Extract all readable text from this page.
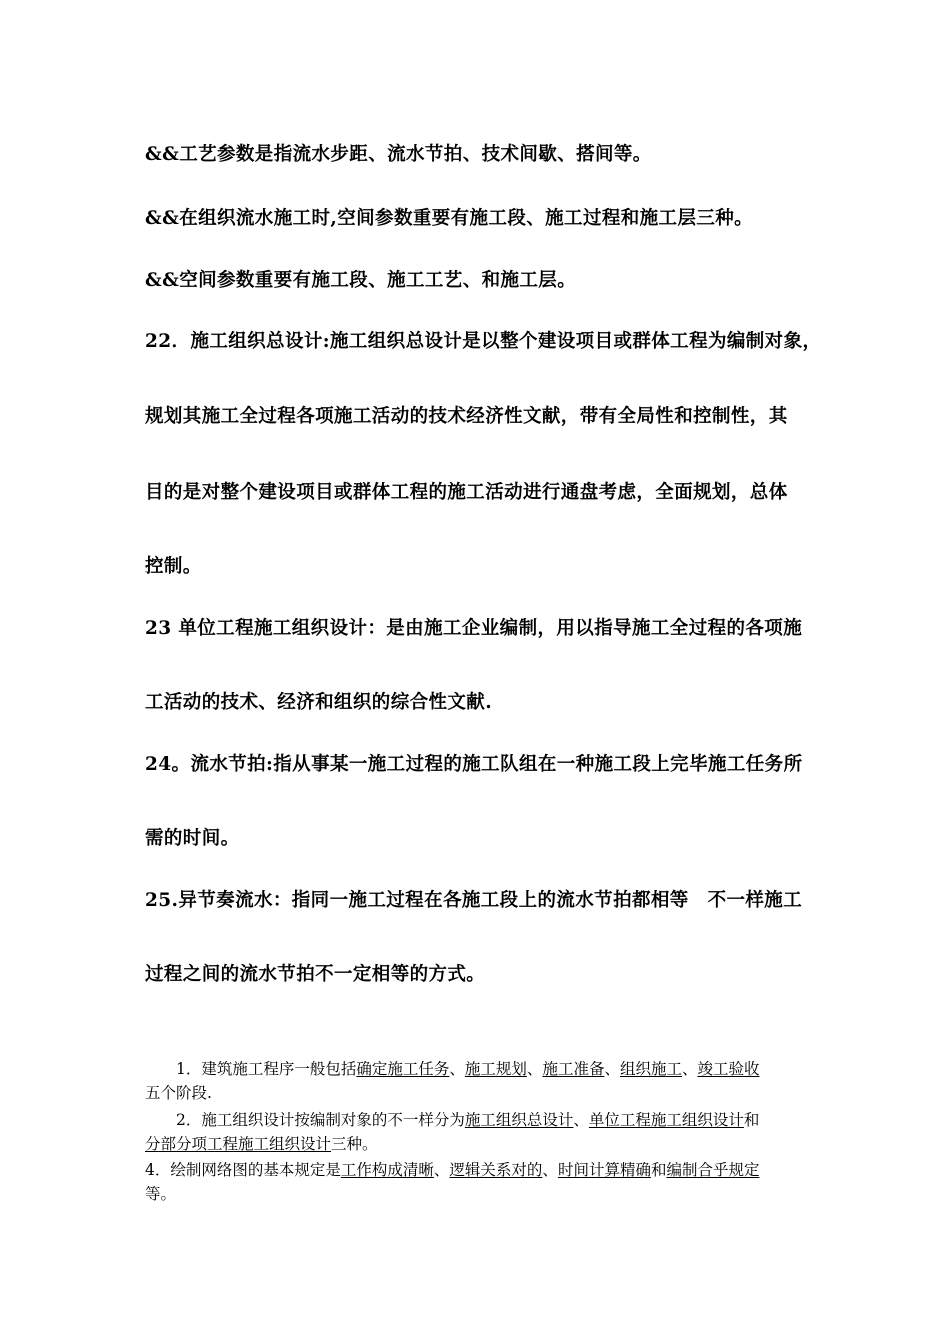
&&工艺参数是指流水步距、流水节拍、技术间歇、搭间等。
&&在组织流水施工时,空间参数重要有施工段、施工过程和施工层三种。
&&空间参数重要有施工段、施工工艺、和施工层。
22．施工组织总设计:施工组织总设计是以整个建设项目或群体工程为编制对象，
规划其施工全过程各项施工活动的技术经济性文献，带有全局性和控制性，其
目的是对整个建设项目或群体工程的施工活动进行通盘考虑，全面规划，总体
控制。
23 单位工程施工组织设计：是由施工企业编制，用以指导施工全过程的各项施
工活动的技术、经济和组织的综合性文献.
24。流水节拍:指从事某一施工过程的施工队组在一种施工段上完毕施工任务所
需的时间。
25.异节奏流水：指同一施工过程在各施工段上的流水节拍都相等　不一样施工
过程之间的流水节拍不一定相等的方式。
1．建筑施工程序一般包括确定施工任务、施工规划、施工准备、组织施工、竣工验收
五个阶段.
2．施工组织设计按编制对象的不一样分为施工组织总设计、单位工程施工组织设计和
分部分项工程施工组织设计三种。
4．绘制网络图的基本规定是工作构成清晰、逻辑关系对的、时间计算精确和编制合乎规定
等。
